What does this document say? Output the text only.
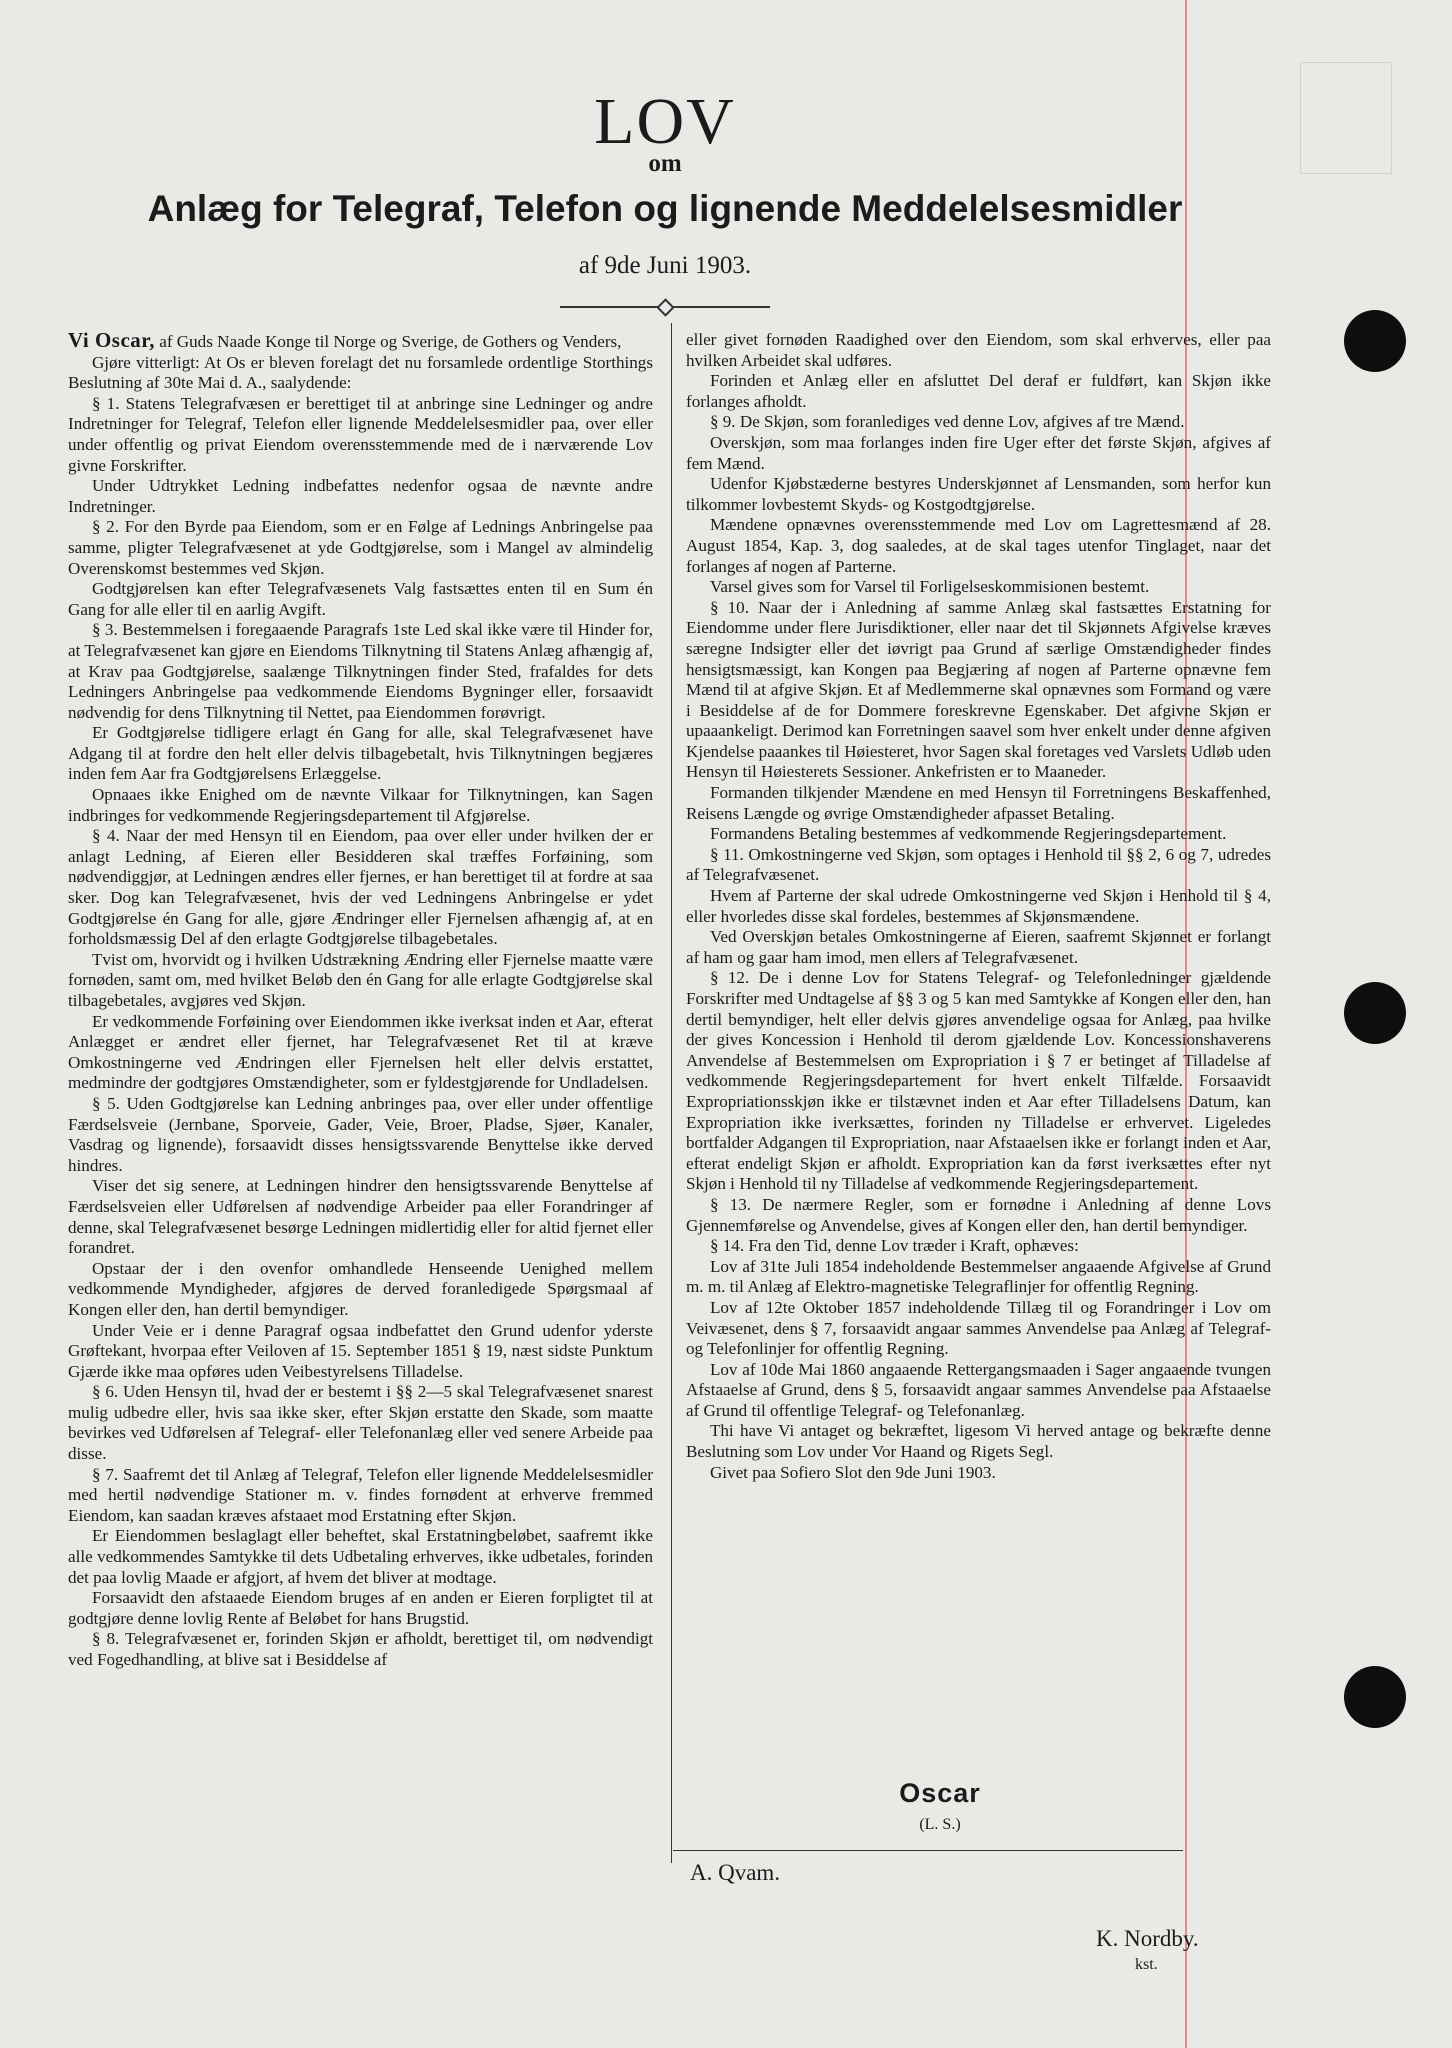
LOV
om
Anlæg for Telegraf, Telefon og lignende Meddelelsesmidler
af 9de Juni 1903.

Vi Oscar, af Guds Naade Konge til Norge og Sverige, de Gothers og Venders,

Gjøre vitterligt: At Os er bleven forelagt det nu forsamlede ordentlige Storthings Beslutning af 30te Mai d. A., saalydende:

§ 1. Statens Telegrafvæsen er berettiget til at anbringe sine Ledninger og andre Indretninger for Telegraf, Telefon eller lignende Meddelelsesmidler paa, over eller under offentlig og privat Eiendom overensstemmende med de i nærværende Lov givne Forskrifter.

Under Udtrykket Ledning indbefattes nedenfor ogsaa de nævnte andre Indretninger.

§ 2. For den Byrde paa Eiendom, som er en Følge af Lednings Anbringelse paa samme, pligter Telegrafvæsenet at yde Godtgjørelse, som i Mangel av almindelig Overenskomst bestemmes ved Skjøn.

Godtgjørelsen kan efter Telegrafvæsenets Valg fastsættes enten til en Sum én Gang for alle eller til en aarlig Avgift.

§ 3. Bestemmelsen i foregaaende Paragrafs 1ste Led skal ikke være til Hinder for, at Telegrafvæsenet kan gjøre en Eiendoms Tilknytning til Statens Anlæg afhængig af, at Krav paa Godtgjørelse, saalænge Tilknytningen finder Sted, frafaldes for dets Ledningers Anbringelse paa vedkommende Eiendoms Bygninger eller, forsaavidt nødvendig for dens Tilknytning til Nettet, paa Eiendommen forøvrigt.

Er Godtgjørelse tidligere erlagt én Gang for alle, skal Telegrafvæsenet have Adgang til at fordre den helt eller delvis tilbagebetalt, hvis Tilknytningen begjæres inden fem Aar fra Godtgjørelsens Erlæggelse.

Opnaaes ikke Enighed om de nævnte Vilkaar for Tilknytningen, kan Sagen indbringes for vedkommende Regjeringsdepartement til Afgjørelse.

§ 4. Naar der med Hensyn til en Eiendom, paa over eller under hvilken der er anlagt Ledning, af Eieren eller Besidderen skal træffes Forføining, som nødvendiggjør, at Ledningen ændres eller fjernes, er han berettiget til at fordre at saa sker. Dog kan Telegrafvæsenet, hvis der ved Ledningens Anbringelse er ydet Godtgjørelse én Gang for alle, gjøre Ændringer eller Fjernelsen afhængig af, at en forholdsmæssig Del af den erlagte Godtgjørelse tilbagebetales.

Tvist om, hvorvidt og i hvilken Udstrækning Ændring eller Fjernelse maatte være fornøden, samt om, med hvilket Beløb den én Gang for alle erlagte Godtgjørelse skal tilbagebetales, avgjøres ved Skjøn.

Er vedkommende Forføining over Eiendommen ikke iverksat inden et Aar, efterat Anlægget er ændret eller fjernet, har Telegrafvæsenet Ret til at kræve Omkostningerne ved Ændringen eller Fjernelsen helt eller delvis erstattet, medmindre der godtgjøres Omstændigheter, som er fyldestgjørende for Undladelsen.

§ 5. Uden Godtgjørelse kan Ledning anbringes paa, over eller under offentlige Færdselsveie (Jernbane, Sporveie, Gader, Veie, Broer, Pladse, Sjøer, Kanaler, Vasdrag og lignende), forsaavidt disses hensigtssvarende Benyttelse ikke derved hindres.

Viser det sig senere, at Ledningen hindrer den hensigtssvarende Benyttelse af Færdselsveien eller Udførelsen af nødvendige Arbeider paa eller Forandringer af denne, skal Telegrafvæsenet besørge Ledningen midlertidig eller for altid fjernet eller forandret.

Opstaar der i den ovenfor omhandlede Henseende Uenighed mellem vedkommende Myndigheder, afgjøres de derved foranledigede Spørgsmaal af Kongen eller den, han dertil bemyndiger.

Under Veie er i denne Paragraf ogsaa indbefattet den Grund udenfor yderste Grøftekant, hvorpaa efter Veiloven af 15. September 1851 § 19, næst sidste Punktum Gjærde ikke maa opføres uden Veibestyrelsens Tilladelse.

§ 6. Uden Hensyn til, hvad der er bestemt i §§ 2—5 skal Telegrafvæsenet snarest mulig udbedre eller, hvis saa ikke sker, efter Skjøn erstatte den Skade, som maatte bevirkes ved Udførelsen af Telegraf- eller Telefonanlæg eller ved senere Arbeide paa disse.

§ 7. Saafremt det til Anlæg af Telegraf, Telefon eller lignende Meddelelsesmidler med hertil nødvendige Stationer m. v. findes fornødent at erhverve fremmed Eiendom, kan saadan kræves afstaaet mod Erstatning efter Skjøn.

Er Eiendommen beslaglagt eller beheftet, skal Erstatningbeløbet, saafremt ikke alle vedkommendes Samtykke til dets Udbetaling erhverves, ikke udbetales, forinden det paa lovlig Maade er afgjort, af hvem det bliver at modtage.

Forsaavidt den afstaaede Eiendom bruges af en anden er Eieren forpligtet til at godtgjøre denne lovlig Rente af Beløbet for hans Brugstid.

§ 8. Telegrafvæsenet er, forinden Skjøn er afholdt, berettiget til, om nødvendigt ved Fogedhandling, at blive sat i Besiddelse af

eller givet fornøden Raadighed over den Eiendom, som skal erhverves, eller paa hvilken Arbeidet skal udføres.

Forinden et Anlæg eller en afsluttet Del deraf er fuldført, kan Skjøn ikke forlanges afholdt.

§ 9. De Skjøn, som foranlediges ved denne Lov, afgives af tre Mænd.

Overskjøn, som maa forlanges inden fire Uger efter det første Skjøn, afgives af fem Mænd.

Udenfor Kjøbstæderne bestyres Underskjønnet af Lensmanden, som herfor kun tilkommer lovbestemt Skyds- og Kostgodtgjørelse.

Mændene opnævnes overensstemmende med Lov om Lagrettesmænd af 28. August 1854, Kap. 3, dog saaledes, at de skal tages utenfor Tinglaget, naar det forlanges af nogen af Parterne.

Varsel gives som for Varsel til Forligelseskommisionen bestemt.

§ 10. Naar der i Anledning af samme Anlæg skal fastsættes Erstatning for Eiendomme under flere Jurisdiktioner, eller naar det til Skjønnets Afgivelse kræves særegne Indsigter eller det iøvrigt paa Grund af særlige Omstændigheder findes hensigtsmæssigt, kan Kongen paa Begjæring af nogen af Parterne opnævne fem Mænd til at afgive Skjøn. Et af Medlemmerne skal opnævnes som Formand og være i Besiddelse af de for Dommere foreskrevne Egenskaber. Det afgivne Skjøn er upaaankeligt. Derimod kan Forretningen saavel som hver enkelt under denne afgiven Kjendelse paaankes til Høiesteret, hvor Sagen skal foretages ved Varslets Udløb uden Hensyn til Høiesterets Sessioner. Ankefristen er to Maaneder.

Formanden tilkjender Mændene en med Hensyn til Forretningens Beskaffenhed, Reisens Længde og øvrige Omstændigheder afpasset Betaling.

Formandens Betaling bestemmes af vedkommende Regjeringsdepartement.

§ 11. Omkostningerne ved Skjøn, som optages i Henhold til §§ 2, 6 og 7, udredes af Telegrafvæsenet.

Hvem af Parterne der skal udrede Omkostningerne ved Skjøn i Henhold til § 4, eller hvorledes disse skal fordeles, bestemmes af Skjønsmændene.

Ved Overskjøn betales Omkostningerne af Eieren, saafremt Skjønnet er forlangt af ham og gaar ham imod, men ellers af Telegrafvæsenet.

§ 12. De i denne Lov for Statens Telegraf- og Telefonledninger gjældende Forskrifter med Undtagelse af §§ 3 og 5 kan med Samtykke af Kongen eller den, han dertil bemyndiger, helt eller delvis gjøres anvendelige ogsaa for Anlæg, paa hvilke der gives Koncession i Henhold til derom gjældende Lov. Koncessionshaverens Anvendelse af Bestemmelsen om Expropriation i § 7 er betinget af Tilladelse af vedkommende Regjeringsdepartement for hvert enkelt Tilfælde. Forsaavidt Expropriationsskjøn ikke er tilstævnet inden et Aar efter Tilladelsens Datum, kan Expropriation ikke iverksættes, forinden ny Tilladelse er erhvervet. Ligeledes bortfalder Adgangen til Expropriation, naar Afstaaelsen ikke er forlangt inden et Aar, efterat endeligt Skjøn er afholdt. Expropriation kan da først iverksættes efter nyt Skjøn i Henhold til ny Tilladelse af vedkommende Regjeringsdepartement.

§ 13. De nærmere Regler, som er fornødne i Anledning af denne Lovs Gjennemførelse og Anvendelse, gives af Kongen eller den, han dertil bemyndiger.

§ 14. Fra den Tid, denne Lov træder i Kraft, ophæves:

Lov af 31te Juli 1854 indeholdende Bestemmelser angaaende Afgivelse af Grund m. m. til Anlæg af Elektro-magnetiske Telegraflinjer for offentlig Regning.

Lov af 12te Oktober 1857 indeholdende Tillæg til og Forandringer i Lov om Veivæsenet, dens § 7, forsaavidt angaar sammes Anvendelse paa Anlæg af Telegraf- og Telefonlinjer for offentlig Regning.

Lov af 10de Mai 1860 angaaende Rettergangsmaaden i Sager angaaende tvungen Afstaaelse af Grund, dens § 5, forsaavidt angaar sammes Anvendelse paa Afstaaelse af Grund til offentlige Telegraf- og Telefonanlæg.

Thi have Vi antaget og bekræftet, ligesom Vi herved antage og bekræfte denne Beslutning som Lov under Vor Haand og Rigets Segl.

Givet paa Sofiero Slot den 9de Juni 1903.

Oscar
(L. S.)
A. Qvam.
K. Nordby.
kst.
